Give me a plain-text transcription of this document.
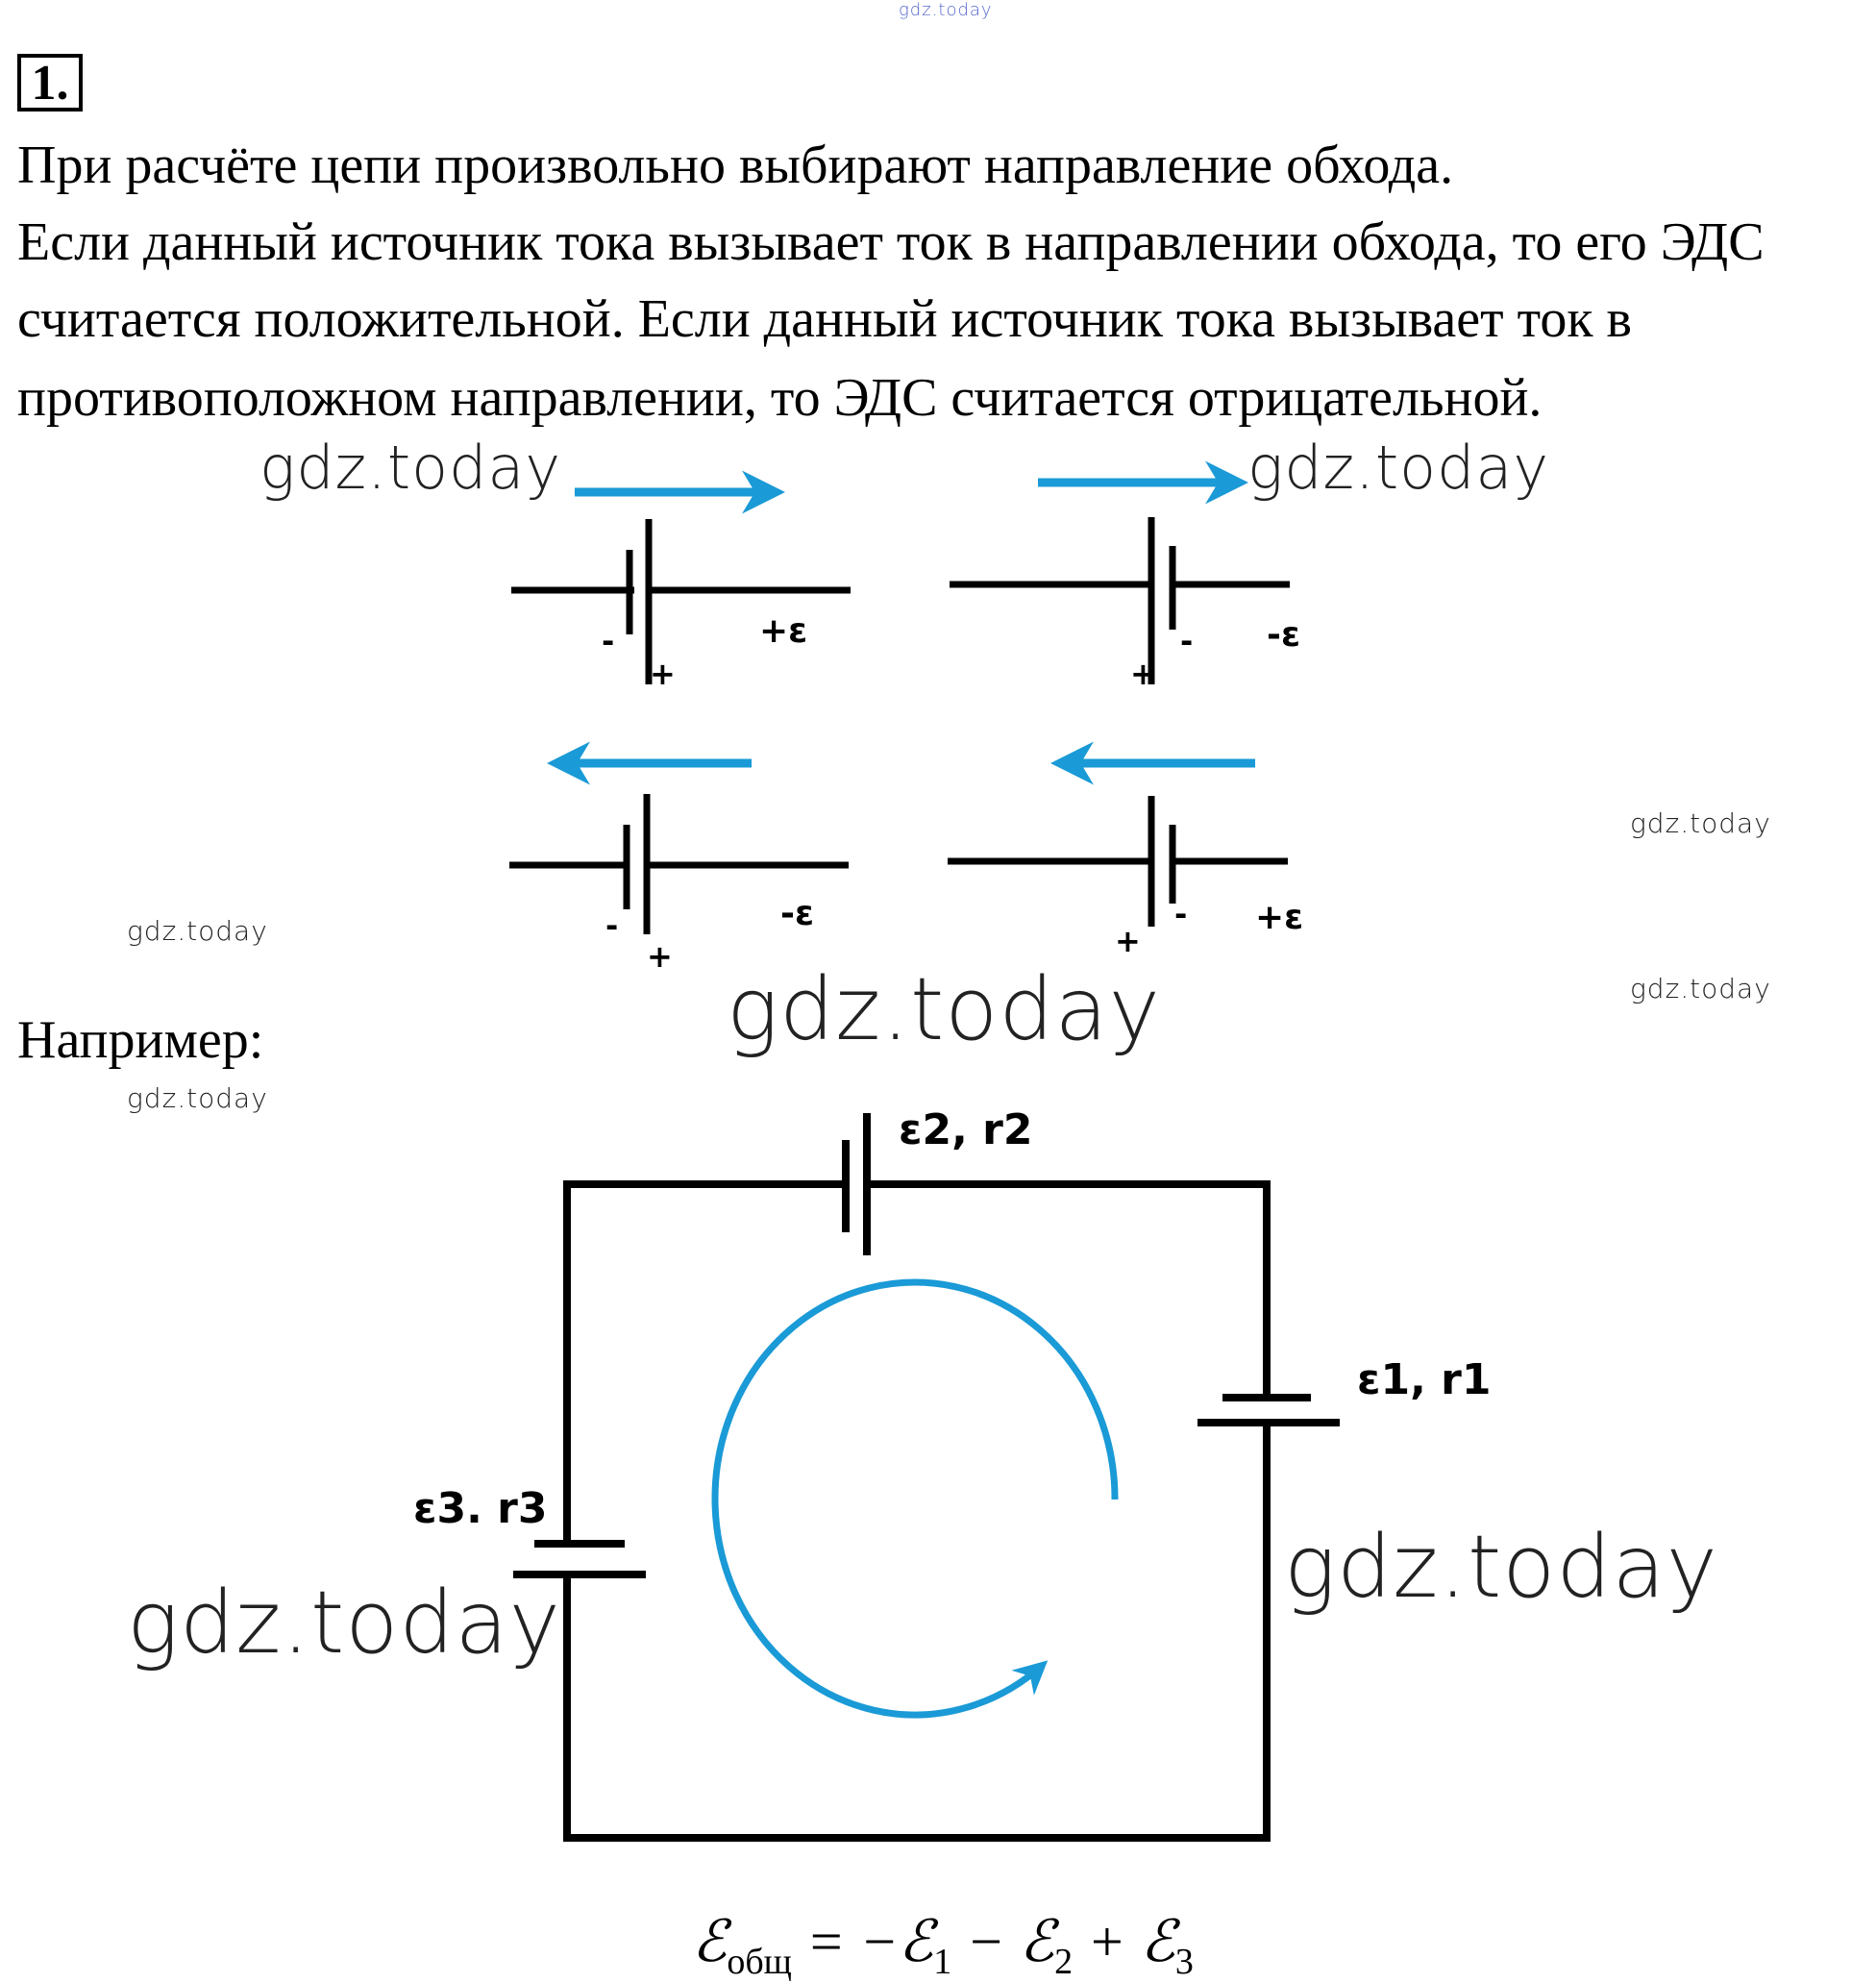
gdz.today
1.
При расчёте цепи произвольно выбирают направление обхода.
Если данный источник тока вызывает ток в направлении обхода, то его ЭДС
считается положительной. Если данный источник тока вызывает ток в
противоположном направлении, то ЭДС считается отрицательной.
-
+
+ε
+
- -ε
-
+
-ε
+
- +ε
ε2, r2
ε1, r1
ε3. r3
Например:
gdz.today	gdz.today
gdz.today
gdz.today
gdz.today
gdz.today
gdz.today
gdz.today
gdz.today
ℰ$_{общ}$ = −ℰ$_1$ − ℰ$_2$ + ℰ$_3$
